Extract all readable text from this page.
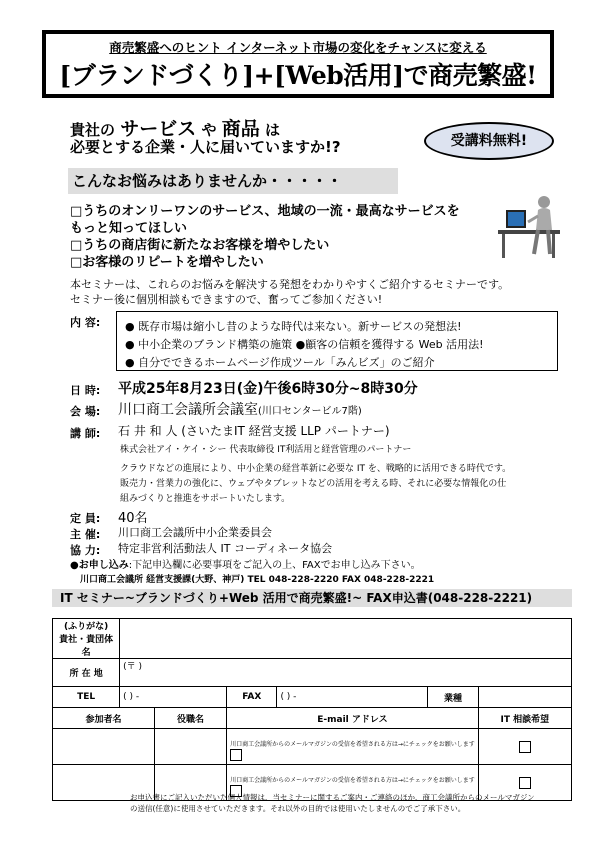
商売繁盛へのヒント インターネット市場の変化をチャンスに変える
[ブランドづくり]+[Web活用]で商売繁盛!
貴社の サービス や 商品 は
必要とする企業・人に届いていますか!?	受講料無料!
こんなお悩みはありませんか・・・・・
□うちのオンリーワンのサービス、地域の一流・最高なサービスを
もっと知ってほしい
□うちの商店街に新たなお客様を増やしたい
□お客様のリピートを増やしたい
本セミナーは、これらのお悩みを解決する発想をわかりやすくご紹介するセミナーです。
セミナー後に個別相談もできますので、奮ってご参加ください!
内 容: ● 既存市場は縮小し昔のような時代は来ない。新サービスの発想法!
● 中小企業のブランド構築の施策 ●顧客の信頼を獲得する Web 活用法!
● 自分でできるホームページ作成ツール「みんビズ」のご紹介
日 時: 平成25年8月23日(金)午後6時30分~8時30分
会 場: 川口商工会議所会議室(川口センタービル7階)
講 師: 石 井 和 人 (さいたまIT 経営支援 LLP パートナー)
株式会社アイ・ケイ・シー 代表取締役 IT利活用と経営管理のパートナー
クラウドなどの進展により、中小企業の経営革新に必要な IT を、戦略的に活用できる時代です。
販売力・営業力の強化に、ウェブやタブレットなどの活用を考える時、それに必要な情報化の仕
組みづくりと推進をサポートいたします。
定 員: 40名
主 催: 川口商工会議所中小企業委員会
協 力: 特定非営利活動法人 IT コーディネータ協会
●お申し込み:下記申込欄に必要事項をご記入の上、FAXでお申し込み下さい。
川口商工会議所 経営支援課(大野、神戸) TEL 048-228-2220 FAX 048-228-2221
IT セミナー~ブランドづくり+Web 活用で商売繁盛!~ FAX申込書(048-228-2221)
(ふりがな)
貴社・貴団体名						
所 在 地	(〒 )					
TEL	( ) -		FAX	( ) -	業種	
参加者名		役職名	E-mail アドレス			IT 相談希望
			川口商工会議所からのメールマガジンの受信を希望される方は→にチェックをお願いします			
			川口商工会議所からのメールマガジンの受信を希望される方は→にチェックをお願いします			
お申込書にご記入いただいた個人情報は、当セミナーに関するご案内・ご連絡のほか、商工会議所からのメールマガジン
の送信(任意)に使用させていただきます。それ以外の目的では使用いたしませんのでご了承下さい。
